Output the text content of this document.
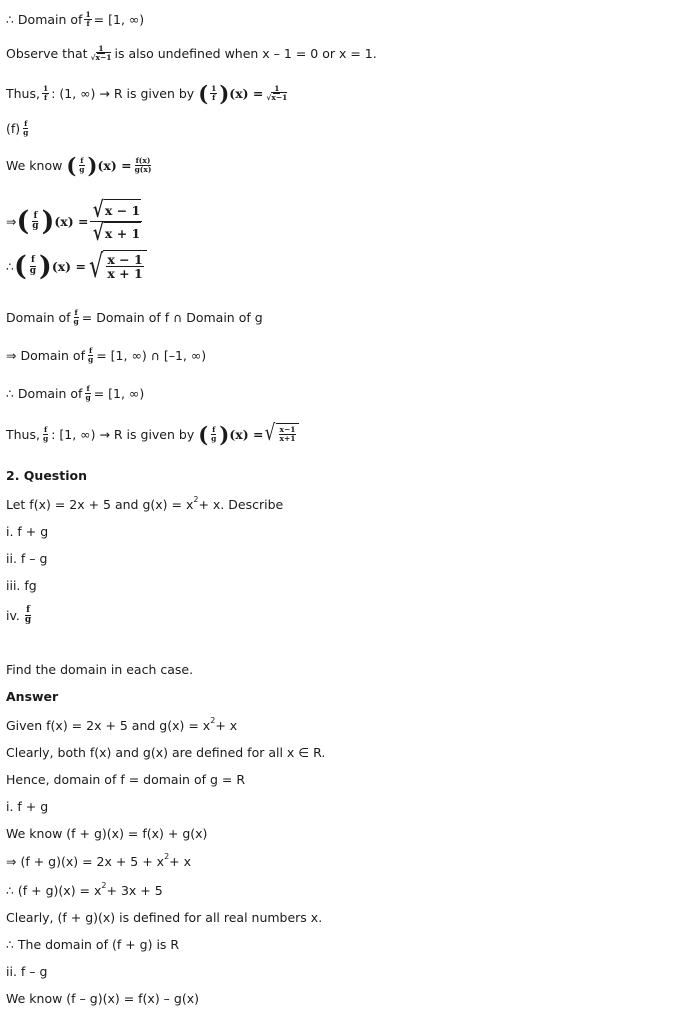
∴ Domain of $\frac{1}{f} = [1$, ∞)
Observe that $\frac{1}{√x-1}$ is also undefined when x – 1 = 0 or x = 1.
Thus, $\frac{1}{f}$ : (1, ∞) → R is given by ( $\frac{1}{f}$ ) $(x) = \frac{1}{√x-1}$
$(f) \frac{f}{g}$
We know ( $\frac{f}{g}$ ) $(x) = \frac{f(x)}{g(x)}$
⇒ ( $\frac{f}{g}$ ) $(x) = \frac{√ x - 1}{√ x + 1}$
∴ ( $\frac{f}{g}$ ) (x) = √ $\frac{x - 1}{x + 1}$
Domain of $\frac{f}{g}$ = Domain of f ∩ Domain of g
⇒ Domain of $\frac{f}{g} = [1$, ∞) ∩ [–1, ∞)
∴ Domain of $\frac{f}{g} = [1$, ∞)
Thus, $\frac{f}{g}$ : [1, ∞) → R is given by ( $\frac{f}{g}$ ) (x) = √ $\frac{x-1}{x+1}$
2. Question
Let f(x) = 2x + 5 and g(x) = x 2 + x. Describe
i. f + g
ii. f – g
iii. fg
iv. $\frac{f}{g}$
Find the domain in each case.
Answer
Given f(x) = 2x + 5 and g(x) = x 2 + x
Clearly, both f(x) and g(x) are defined for all x ∈ R.
Hence, domain of f = domain of g = R
i. f + g
We know (f + g)(x) = f(x) + g(x)
⇒ (f + g)(x) = 2x + 5 + x 2 + x
∴ (f + g)(x) = x 2 + 3x + 5
Clearly, (f + g)(x) is defined for all real numbers x.
∴ The domain of (f + g) is R
ii. f – g
We know (f – g)(x) = f(x) – g(x)
